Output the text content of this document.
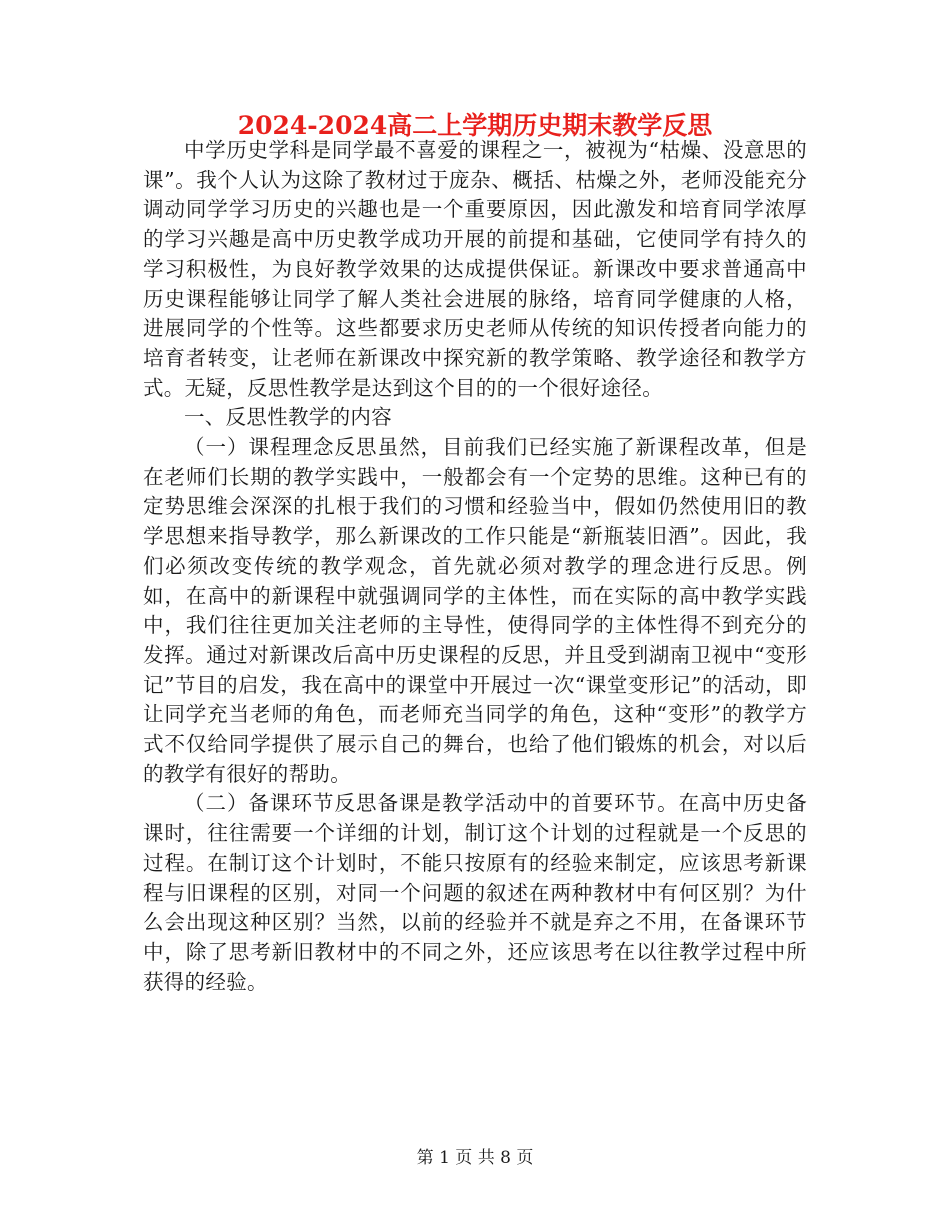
2024-2024高二上学期历史期末教学反思

中学历史学科是同学最不喜爱的课程之一，被视为“枯燥、没意思的课”。我个人认为这除了教材过于庞杂、概括、枯燥之外，老师没能充分调动同学学习历史的兴趣也是一个重要原因，因此激发和培育同学浓厚的学习兴趣是高中历史教学成功开展的前提和基础，它使同学有持久的学习积极性，为良好教学效果的达成提供保证。新课改中要求普通高中历史课程能够让同学了解人类社会进展的脉络，培育同学健康的人格，进展同学的个性等。这些都要求历史老师从传统的知识传授者向能力的培育者转变，让老师在新课改中探究新的教学策略、教学途径和教学方式。无疑，反思性教学是达到这个目的的一个很好途径。

一、反思性教学的内容

（一）课程理念反思虽然，目前我们已经实施了新课程改革，但是在老师们长期的教学实践中，一般都会有一个定势的思维。这种已有的定势思维会深深的扎根于我们的习惯和经验当中，假如仍然使用旧的教学思想来指导教学，那么新课改的工作只能是“新瓶装旧酒”。因此，我们必须改变传统的教学观念，首先就必须对教学的理念进行反思。例如，在高中的新课程中就强调同学的主体性，而在实际的高中教学实践中，我们往往更加关注老师的主导性，使得同学的主体性得不到充分的发挥。通过对新课改后高中历史课程的反思，并且受到湖南卫视中“变形记”节目的启发，我在高中的课堂中开展过一次“课堂变形记”的活动，即让同学充当老师的角色，而老师充当同学的角色，这种“变形”的教学方式不仅给同学提供了展示自己的舞台，也给了他们锻炼的机会，对以后的教学有很好的帮助。

（二）备课环节反思备课是教学活动中的首要环节。在高中历史备课时，往往需要一个详细的计划，制订这个计划的过程就是一个反思的过程。在制订这个计划时，不能只按原有的经验来制定，应该思考新课程与旧课程的区别，对同一个问题的叙述在两种教材中有何区别？为什么会出现这种区别？当然，以前的经验并不就是弃之不用，在备课环节中，除了思考新旧教材中的不同之外，还应该思考在以往教学过程中所获得的经验。

第 1 页 共 8 页
